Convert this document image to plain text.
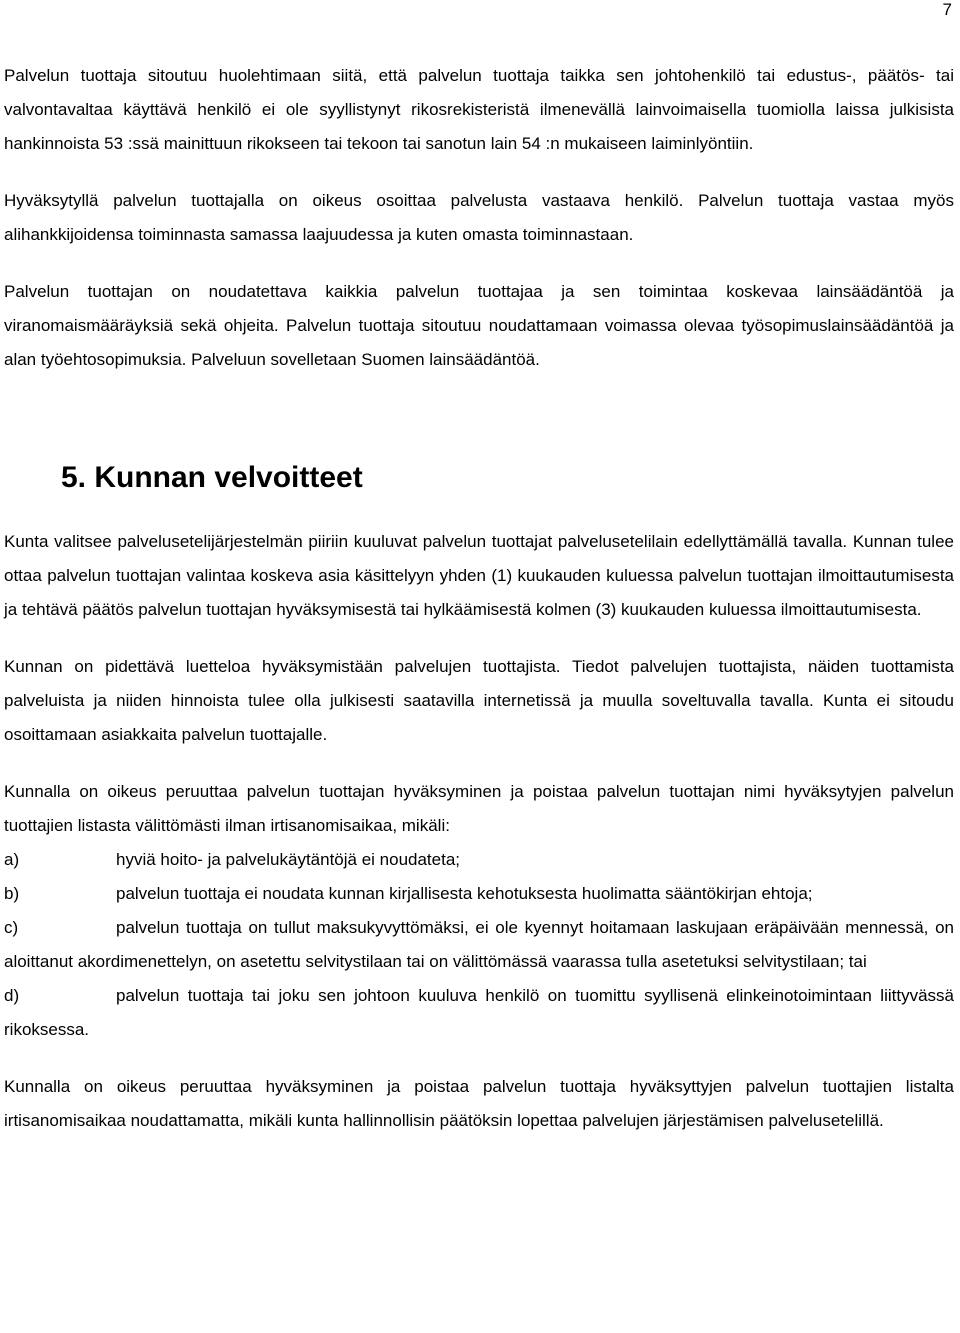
7

Palvelun tuottaja sitoutuu huolehtimaan siitä, että palvelun tuottaja taikka sen johtohenkilö tai edustus-, päätös- tai valvontavaltaa käyttävä henkilö ei ole syyllistynyt rikosrekisteristä ilmenevällä lainvoimaisella tuomiolla laissa julkisista hankinnoista 53 :ssä mainittuun rikokseen tai tekoon tai sanotun lain 54 :n mukaiseen laiminlyöntiin.

Hyväksytyllä palvelun tuottajalla on oikeus osoittaa palvelusta vastaava henkilö. Palvelun tuottaja vastaa myös alihankkijoidensa toiminnasta samassa laajuudessa ja kuten omasta toiminnastaan.

Palvelun tuottajan on noudatettava kaikkia palvelun tuottajaa ja sen toimintaa koskevaa lainsäädäntöä ja viranomaismääräyksiä sekä ohjeita. Palvelun tuottaja sitoutuu noudattamaan voimassa olevaa työsopimuslainsäädäntöä ja alan työehtosopimuksia. Palveluun sovelletaan Suomen lainsäädäntöä.

5. Kunnan velvoitteet

Kunta valitsee palvelusetelijärjestelmän piiriin kuuluvat palvelun tuottajat palvelusetelilain edellyttämällä tavalla. Kunnan tulee ottaa palvelun tuottajan valintaa koskeva asia käsittelyyn yhden (1) kuukauden kuluessa palvelun tuottajan ilmoittautumisesta ja tehtävä päätös palvelun tuottajan hyväksymisestä tai hylkäämisestä kolmen (3) kuukauden kuluessa ilmoittautumisesta.

Kunnan on pidettävä luetteloa hyväksymistään palvelujen tuottajista. Tiedot palvelujen tuottajista, näiden tuottamista palveluista ja niiden hinnoista tulee olla julkisesti saatavilla internetissä ja muulla soveltuvalla tavalla. Kunta ei sitoudu osoittamaan asiakkaita palvelun tuottajalle.

Kunnalla on oikeus peruuttaa palvelun tuottajan hyväksyminen ja poistaa palvelun tuottajan nimi hyväksytyjen palvelun tuottajien listasta välittömästi ilman irtisanomisaikaa, mikäli:

a)	hyviä hoito- ja palvelukäytäntöjä ei noudateta;

b)	palvelun tuottaja ei noudata kunnan kirjallisesta kehotuksesta huolimatta sääntökirjan ehtoja;

c)	palvelun tuottaja on tullut maksukyvyttömäksi, ei ole kyennyt hoitamaan laskujaan eräpäivään mennessä, on aloittanut akordimenettelyn, on asetettu selvitystilaan tai on välittömässä vaarassa tulla asetetuksi selvitystilaan; tai

d)	palvelun tuottaja tai joku sen johtoon kuuluva henkilö on tuomittu syyllisenä elinkeinotoimintaan liittyvässä rikoksessa.

Kunnalla on oikeus peruuttaa hyväksyminen ja poistaa palvelun tuottaja hyväksyttyjen palvelun tuottajien listalta irtisanomisaikaa noudattamatta, mikäli kunta hallinnollisin päätöksin lopettaa palvelujen järjestämisen palvelusetelillä.
